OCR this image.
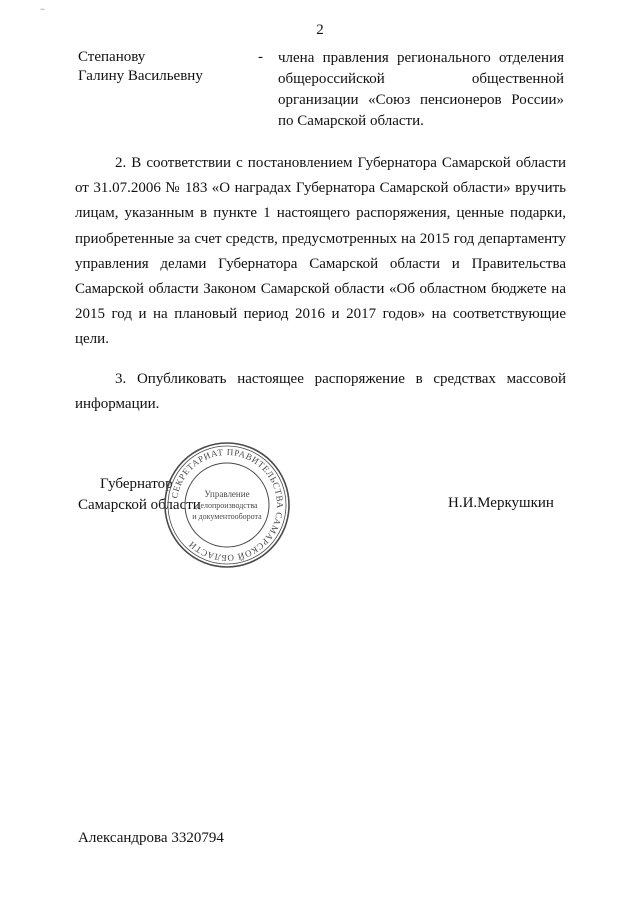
−
2
Степанову
Галину Васильевну
- члена правления регионального отделения общероссийской общественной организации «Союз пенсионеров России» по Самарской области.

2. В соответствии с постановлением Губернатора Самарской области от 31.07.2006 № 183 «О наградах Губернатора Самарской области» вручить лицам, указанным в пункте 1 настоящего распоряжения, ценные подарки, приобретенные за счет средств, предусмотренных на 2015 год департаменту управления делами Губернатора Самарской области и Правительства Самарской области Законом Самарской области «Об областном бюджете на 2015 год и на плановый период 2016 и 2017 годов» на соответствующие цели.

3. Опубликовать настоящее распоряжение в средствах массовой информации.

Губернатор
Самарской области	Н.И.Меркушкин
СЕКРЕТАРИАТ ПРАВИТЕЛЬСТВА САМАРСКОЙ ОБЛАСТИ
Управление
делопроизводства
и документооборота
Александрова 3320794
